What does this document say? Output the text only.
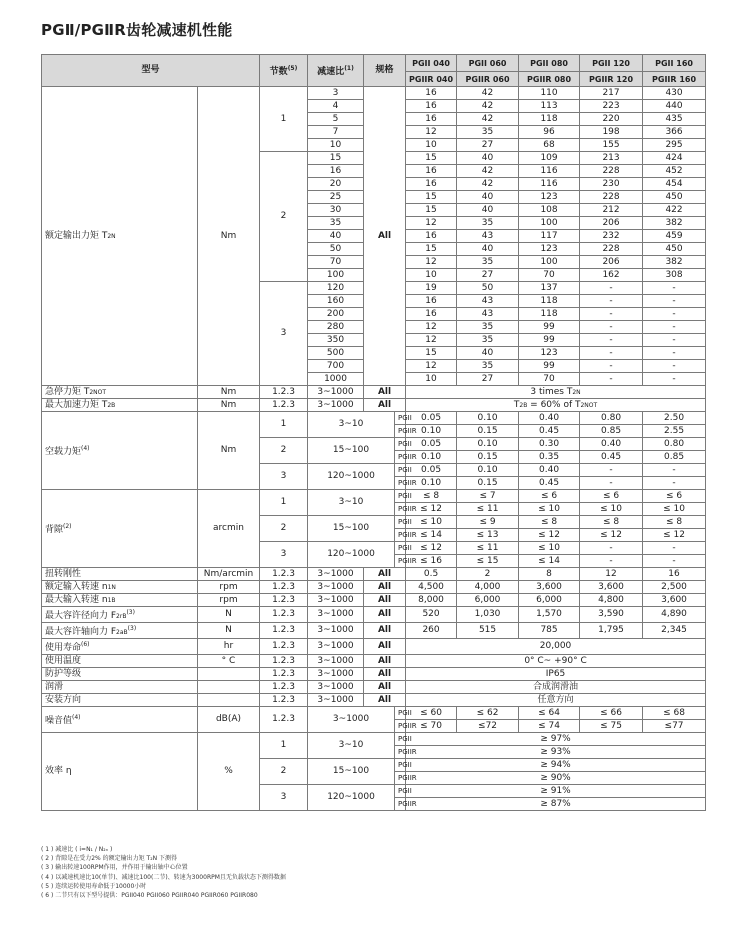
PGⅡ/PGⅡR齿轮减速机性能
型号		节数$^{(5)}$	减速比$^{(1)}$	规格		PGII 040	PGII 060	PGII 080	PGII 120	PGII 160
						PGIIR 040	PGIIR 060	PGIIR 080	PGIIR 120	PGIIR 160
额定输出力矩 T2N	Nm	1	3	All		16	42	110	217	430
			4			16	42	113	223	440
			5			16	42	118	220	435
			7			12	35	96	198	366
			10			10	27	68	155	295
		2	15			15	40	109	213	424
			16			16	42	116	228	452
			20			16	42	116	230	454
			25			15	40	123	228	450
			30			15	40	108	212	422
			35			12	35	100	206	382
			40			16	43	117	232	459
			50			15	40	123	228	450
			70			12	35	100	206	382
			100			10	27	70	162	308
		3	120			19	50	137	-	-
			160			16	43	118	-	-
			200			16	43	118	-	-
			280			12	35	99	-	-
			350			12	35	99	-	-
			500			15	40	123	-	-
			700			12	35	99	-	-
			1000			10	27	70	-	-
急停力矩 T2NOT	Nm	1.2.3	3~1000	All		3 times T2N				
最大加速力矩 T2B	Nm	1.2.3	3~1000	All		T2B = 60% of T2NOT				
空载力矩$^{(4)}$	Nm	1	3~10		PGII	0.05	0.10	0.40	0.80	2.50
					PGIIR	0.10	0.15	0.45	0.85	2.55
		2	15~100		PGII	0.05	0.10	0.30	0.40	0.80
					PGIIR	0.10	0.15	0.35	0.45	0.85
		3	120~1000		PGII	0.05	0.10	0.40	-	-
					PGIIR	0.10	0.15	0.45	-	-
背隙$^{(2)}$	arcmin	1	3~10		PGII	≤ 8	≤ 7	≤ 6	≤ 6	≤ 6
					PGIIR	≤ 12	≤ 11	≤ 10	≤ 10	≤ 10
		2	15~100		PGII	≤ 10	≤ 9	≤ 8	≤ 8	≤ 8
					PGIIR	≤ 14	≤ 13	≤ 12	≤ 12	≤ 12
		3	120~1000		PGII	≤ 12	≤ 11	≤ 10	-	-
					PGIIR	≤ 16	≤ 15	≤ 14	-	-
扭转刚性	Nm/arcmin	1.2.3	3~1000	All		0.5	2	8	12	16
额定输入转速 n1N	rpm	1.2.3	3~1000	All		4,500	4,000	3,600	3,600	2,500
最大输入转速 n1B	rpm	1.2.3	3~1000	All		8,000	6,000	6,000	4,800	3,600
最大容许径向力 $F2rB^{(3)}$	N	1.2.3	3~1000	All		520	1,030	1,570	3,590	4,890
最大容许轴向力 $F2aB^{(3)}$	N	1.2.3	3~1000	All		260	515	785	1,795	2,345
使用寿命$^{(6)}$	hr	1.2.3	3~1000	All		20,000				
使用温度	° C	1.2.3	3~1000	All		0° C~ +90° C				
防护等级		1.2.3	3~1000	All		IP65				
润滑		1.2.3	3~1000	All		合成润滑油				
安装方向		1.2.3	3~1000	All		任意方向				
噪音值$^{(4)}$	dB(A)	1.2.3	3~1000		PGII	≤ 60	≤ 62	≤ 64	≤ 66	≤ 68
					PGIIR	≤ 70	≤72	≤ 74	≤ 75	≤77
效率 η	%	1	3~10		PGII	≥ 97%				
					PGIIR	≥ 93%				
		2	15~100		PGII	≥ 94%				
					PGIIR	≥ 90%				
		3	120~1000		PGII	≥ 91%				
					PGIIR	≥ 87%				
( 1 ) 减速比 ( i=N₁ / N₂ₙ )
( 2 ) 背隙是在受力2% 的额定输出力矩 T₂N 下测得
( 3 ) 输出转速100RPM作用，并作用于输出轴中心位置
( 4 ) 以减速机速比10(单节)、减速比100(二节)、转速为3000RPM且无负载状态下测得数据
( 5 ) 连续运转使用寿命低于10000小时
( 6 ) 二节只有以下型号提供：PGII040 PGII060 PGIIR040 PGIIR060 PGIIR080
